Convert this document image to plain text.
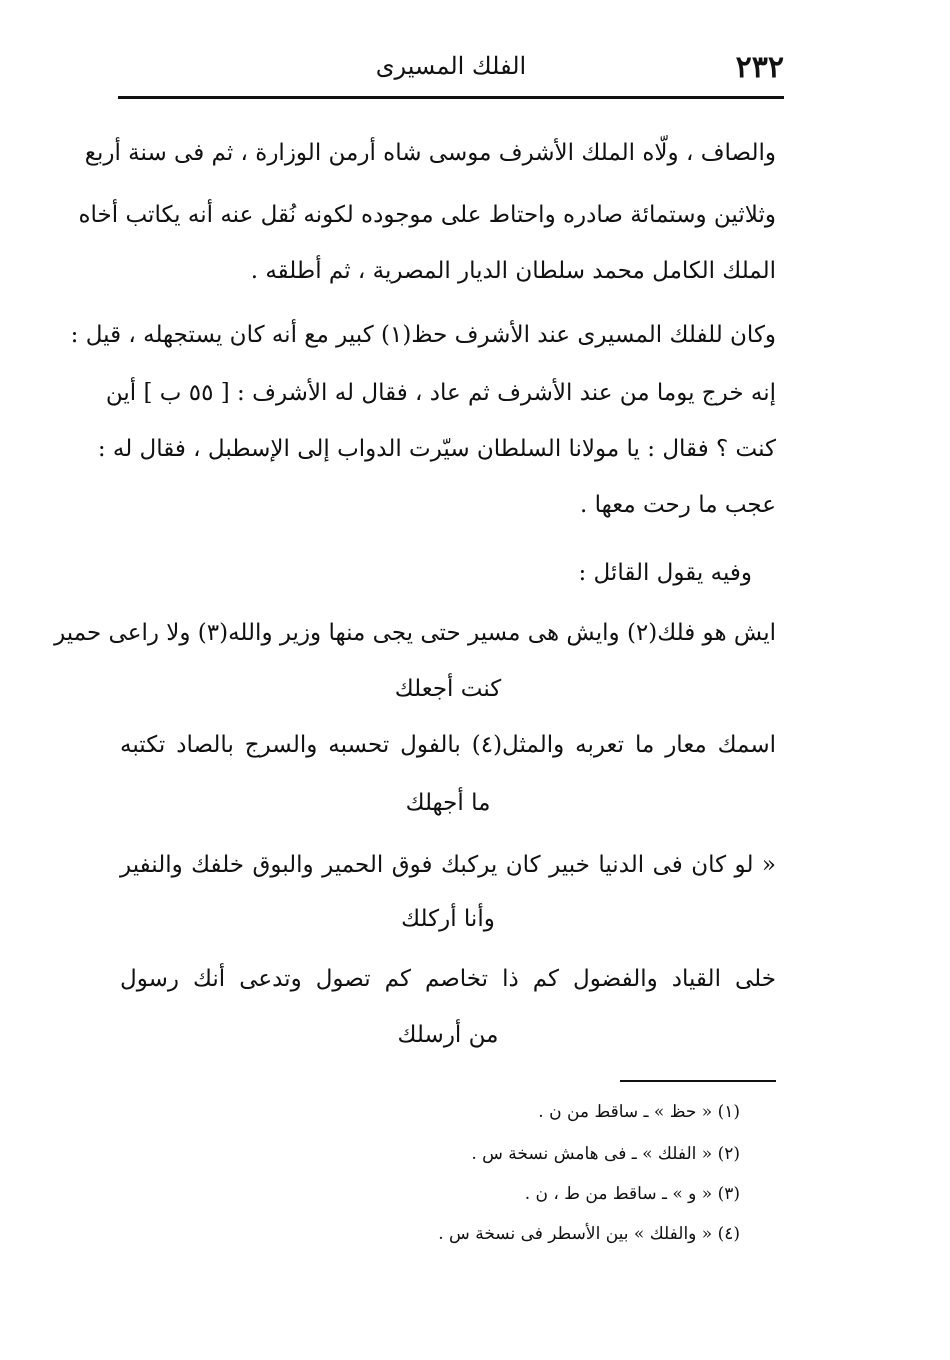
٢٣٢
الفلك المسيرى
والصاف ، ولّاه الملك الأشرف موسى شاه أرمن الوزارة ، ثم فى سنة أربع
وثلاثين وستمائة صادره واحتاط على موجوده لكونه نُقل عنه أنه يكاتب أخاه
الملك الكامل محمد سلطان الديار المصرية ، ثم أطلقه .
وكان للفلك المسيرى عند الأشرف حظ(١) كبير مع أنه كان يستجهله ، قيل :
إنه خرج يوما من عند الأشرف ثم عاد ، فقال له الأشرف : [ ٥٥ ب ] أين
كنت ؟ فقال : يا مولانا السلطان سيّرت الدواب إلى الإسطبل ، فقال له :
عجب ما رحت معها .
وفيه يقول القائل :
ايش هو فلك(٢) وايش هى مسير حتى يجى منها وزير والله(٣) ولا راعى حمير
كنت أجعلك
اسمك معار ما تعربه والمثل(٤) بالفول تحسبه والسرج بالصاد تكتبه
ما أجهلك
« لو كان فى الدنيا خبير كان يركبك فوق الحمير والبوق خلفك والنفير
وأنا أركلك
خلى القياد والفضول كم ذا تخاصم كم تصول وتدعى أنك رسول
من أرسلك
(١) « حظ » ـ ساقط من ن .
(٢) « الفلك » ـ فى هامش نسخة س .
(٣) « و » ـ ساقط من ط ، ن .
(٤) « والفلك » بين الأسطر فى نسخة س .
